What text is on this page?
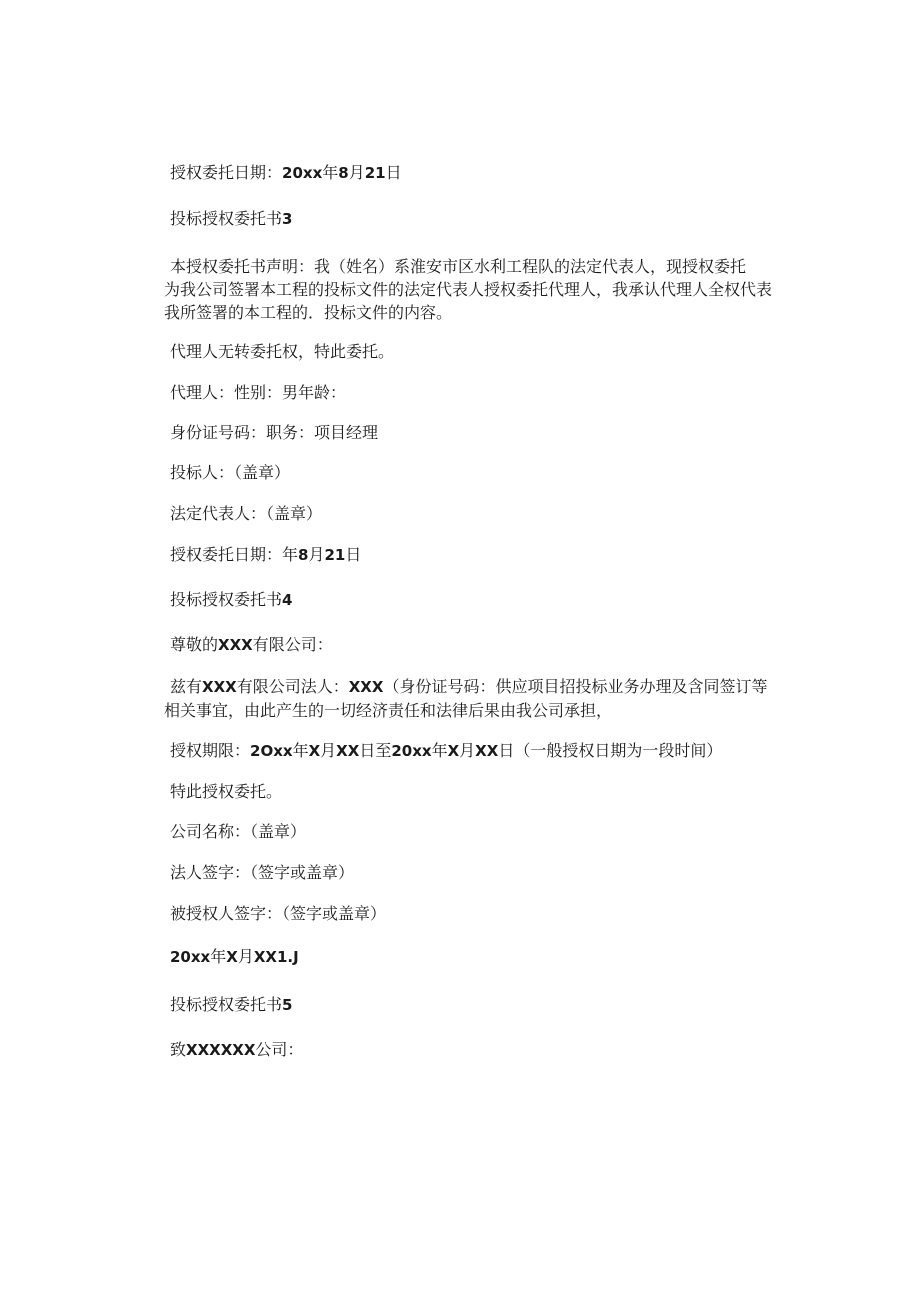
授权委托日期：20xx年8月21日
投标授权委托书3
本授权委托书声明：我（姓名）系淮安市区水利工程队的法定代表人，现授权委托
为我公司签署本工程的投标文件的法定代表人授权委托代理人，我承认代理人全权代表
我所签署的本工程的．投标文件的内容。
代理人无转委托权，特此委托。
代理人：性别：男年龄：
身份证号码：职务：项目经理
投标人：（盖章）
法定代表人：（盖章）
授权委托日期：年8月21日
投标授权委托书4
尊敬的XXX有限公司：
兹有XXX有限公司法人：XXX（身份证号码：供应项目招投标业务办理及含同签订等
相关事宜，由此产生的一切经济责任和法律后果由我公司承担，
授权期限：2Oxx年X月XX日至20xx年X月XX日（一般授权日期为一段时间）
特此授权委托。
公司名称：（盖章）
法人签字：（签字或盖章）
被授权人签字：（签字或盖章）
20xx年X月XX1.J
投标授权委托书5
致XXXXXX公司：
